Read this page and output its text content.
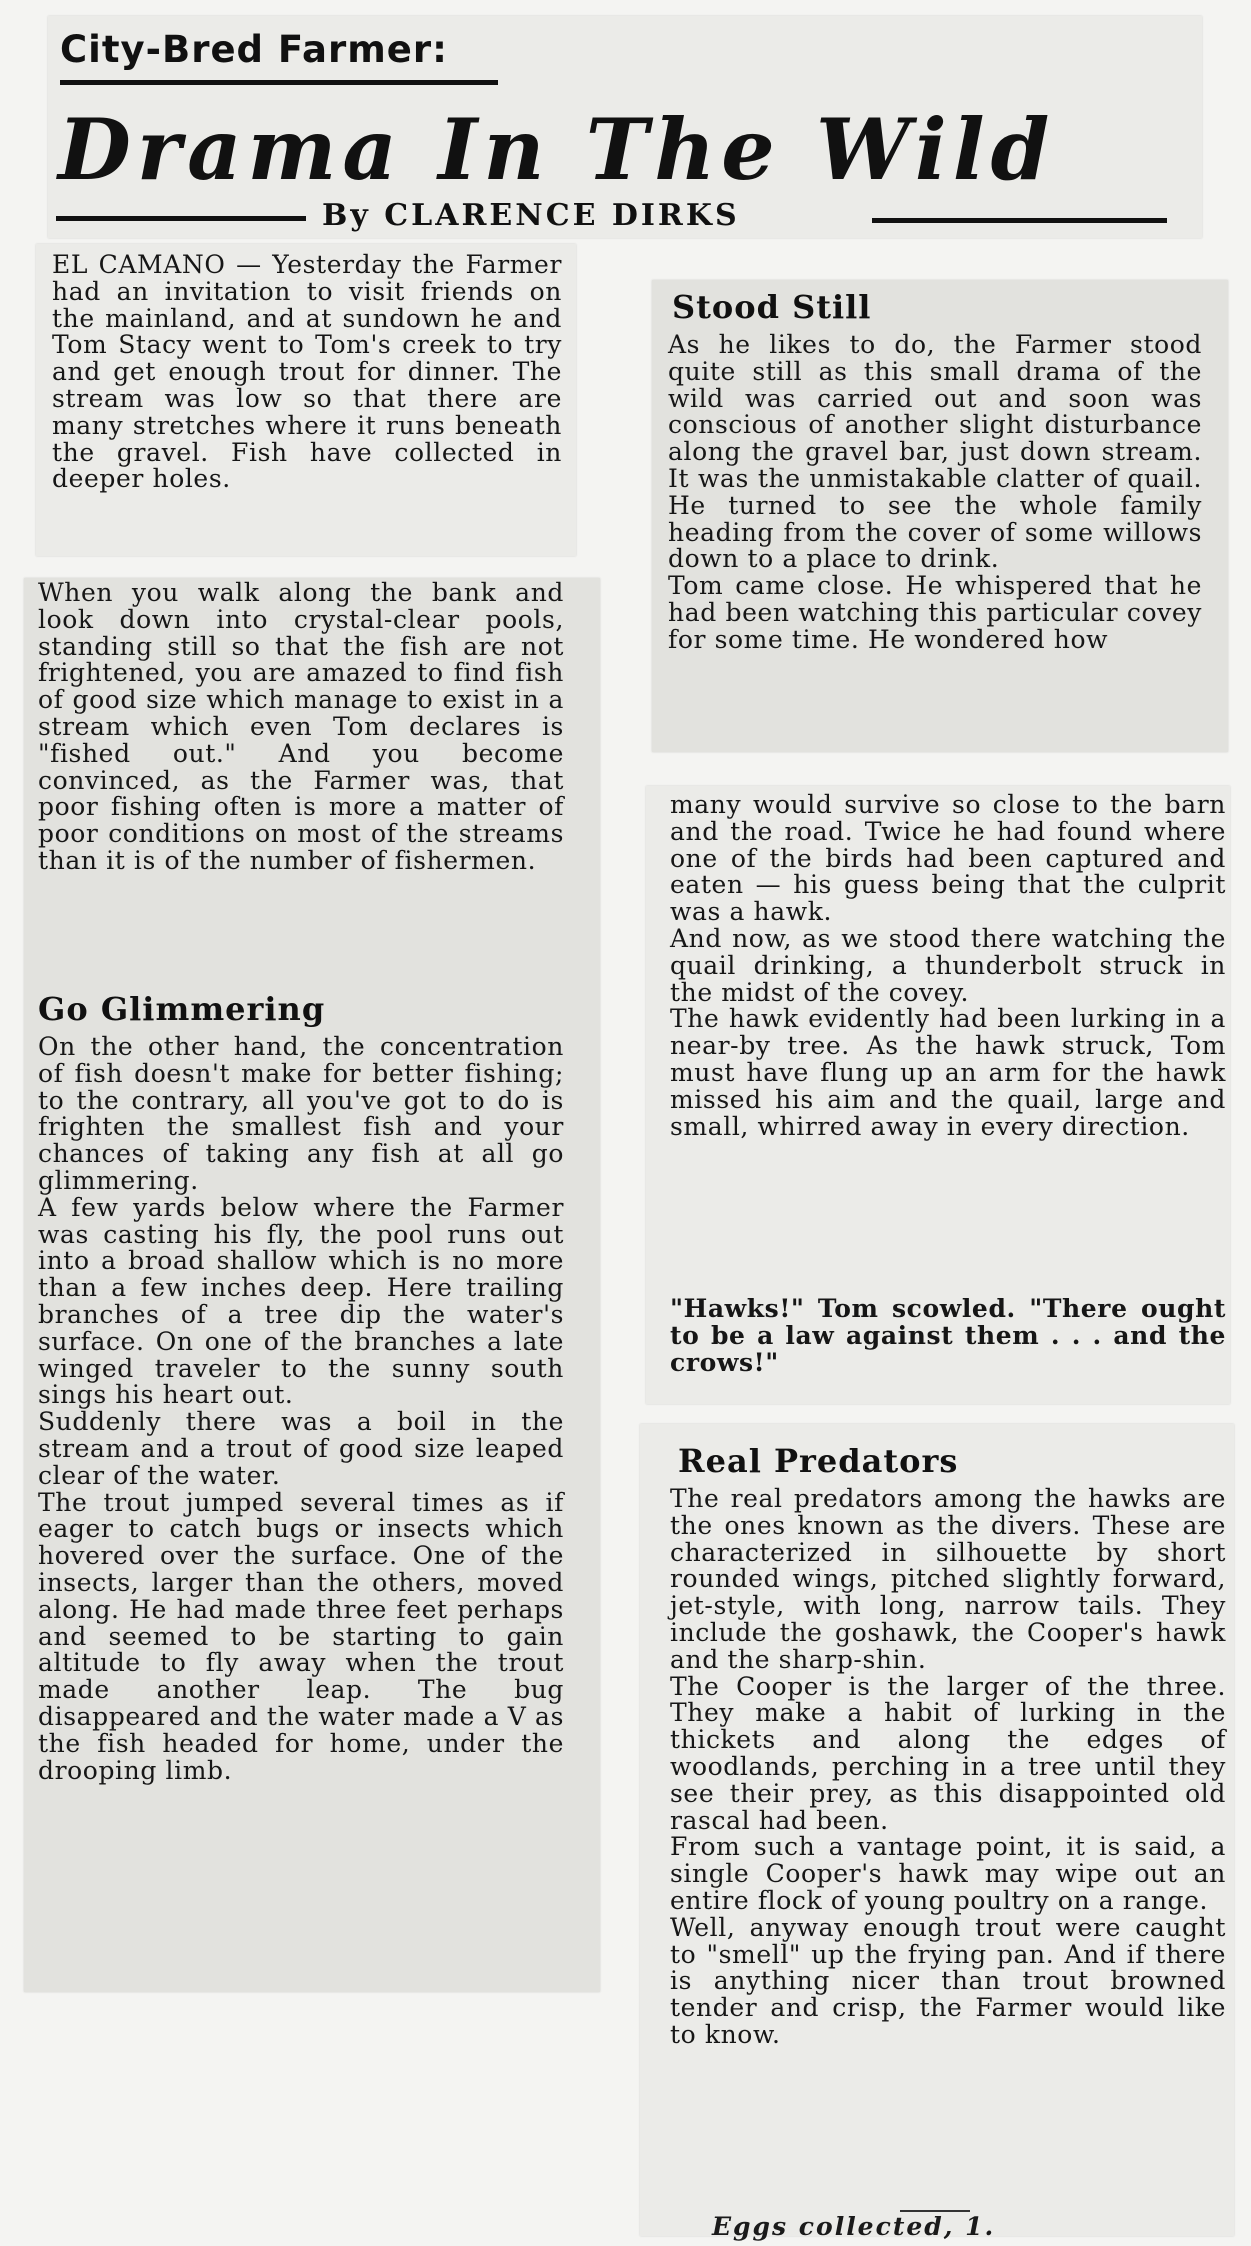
City-Bred Farmer:
Drama In The Wild
By CLARENCE DIRKS
EL CAMANO — Yesterday the Farmer had an invitation to visit friends on the mainland, and at sundown he and Tom Stacy went to Tom's creek to try and get enough trout for dinner. The stream was low so that there are many stretches where it runs beneath the gravel. Fish have collected in deeper holes.
When you walk along the bank and look down into crystal-clear pools, standing still so that the fish are not frightened, you are amazed to find fish of good size which manage to exist in a stream which even Tom declares is "fished out." And you become convinced, as the Farmer was, that poor fishing often is more a matter of poor conditions on most of the streams than it is of the number of fishermen.
Go Glimmering
On the other hand, the concentration of fish doesn't make for better fishing; to the contrary, all you've got to do is frighten the smallest fish and your chances of taking any fish at all go glimmering.
A few yards below where the Farmer was casting his fly, the pool runs out into a broad shallow which is no more than a few inches deep. Here trailing branches of a tree dip the water's surface. On one of the branches a late winged traveler to the sunny south sings his heart out.
Suddenly there was a boil in the stream and a trout of good size leaped clear of the water.
The trout jumped several times as if eager to catch bugs or insects which hovered over the surface. One of the insects, larger than the others, moved along. He had made three feet perhaps and seemed to be starting to gain altitude to fly away when the trout made another leap. The bug disappeared and the water made a V as the fish headed for home, under the drooping limb.
Stood Still
As he likes to do, the Farmer stood quite still as this small drama of the wild was carried out and soon was conscious of another slight disturbance along the gravel bar, just down stream. It was the unmistakable clatter of quail. He turned to see the whole family heading from the cover of some willows down to a place to drink.
Tom came close. He whispered that he had been watching this particular covey for some time. He wondered how
many would survive so close to the barn and the road. Twice he had found where one of the birds had been captured and eaten — his guess being that the culprit was a hawk.
And now, as we stood there watching the quail drinking, a thunderbolt struck in the midst of the covey.
The hawk evidently had been lurking in a near-by tree. As the hawk struck, Tom must have flung up an arm for the hawk missed his aim and the quail, large and small, whirred away in every direction.
"Hawks!" Tom scowled. "There ought to be a law against them . . . and the crows!"
Real Predators
The real predators among the hawks are the ones known as the divers. These are characterized in silhouette by short rounded wings, pitched slightly forward, jet-style, with long, narrow tails. They include the goshawk, the Cooper's hawk and the sharp-shin.
The Cooper is the larger of the three. They make a habit of lurking in the thickets and along the edges of woodlands, perching in a tree until they see their prey, as this disappointed old rascal had been.
From such a vantage point, it is said, a single Cooper's hawk may wipe out an entire flock of young poultry on a range.
Well, anyway enough trout were caught to "smell" up the frying pan. And if there is anything nicer than trout browned tender and crisp, the Farmer would like to know.
Eggs collected, 1.
